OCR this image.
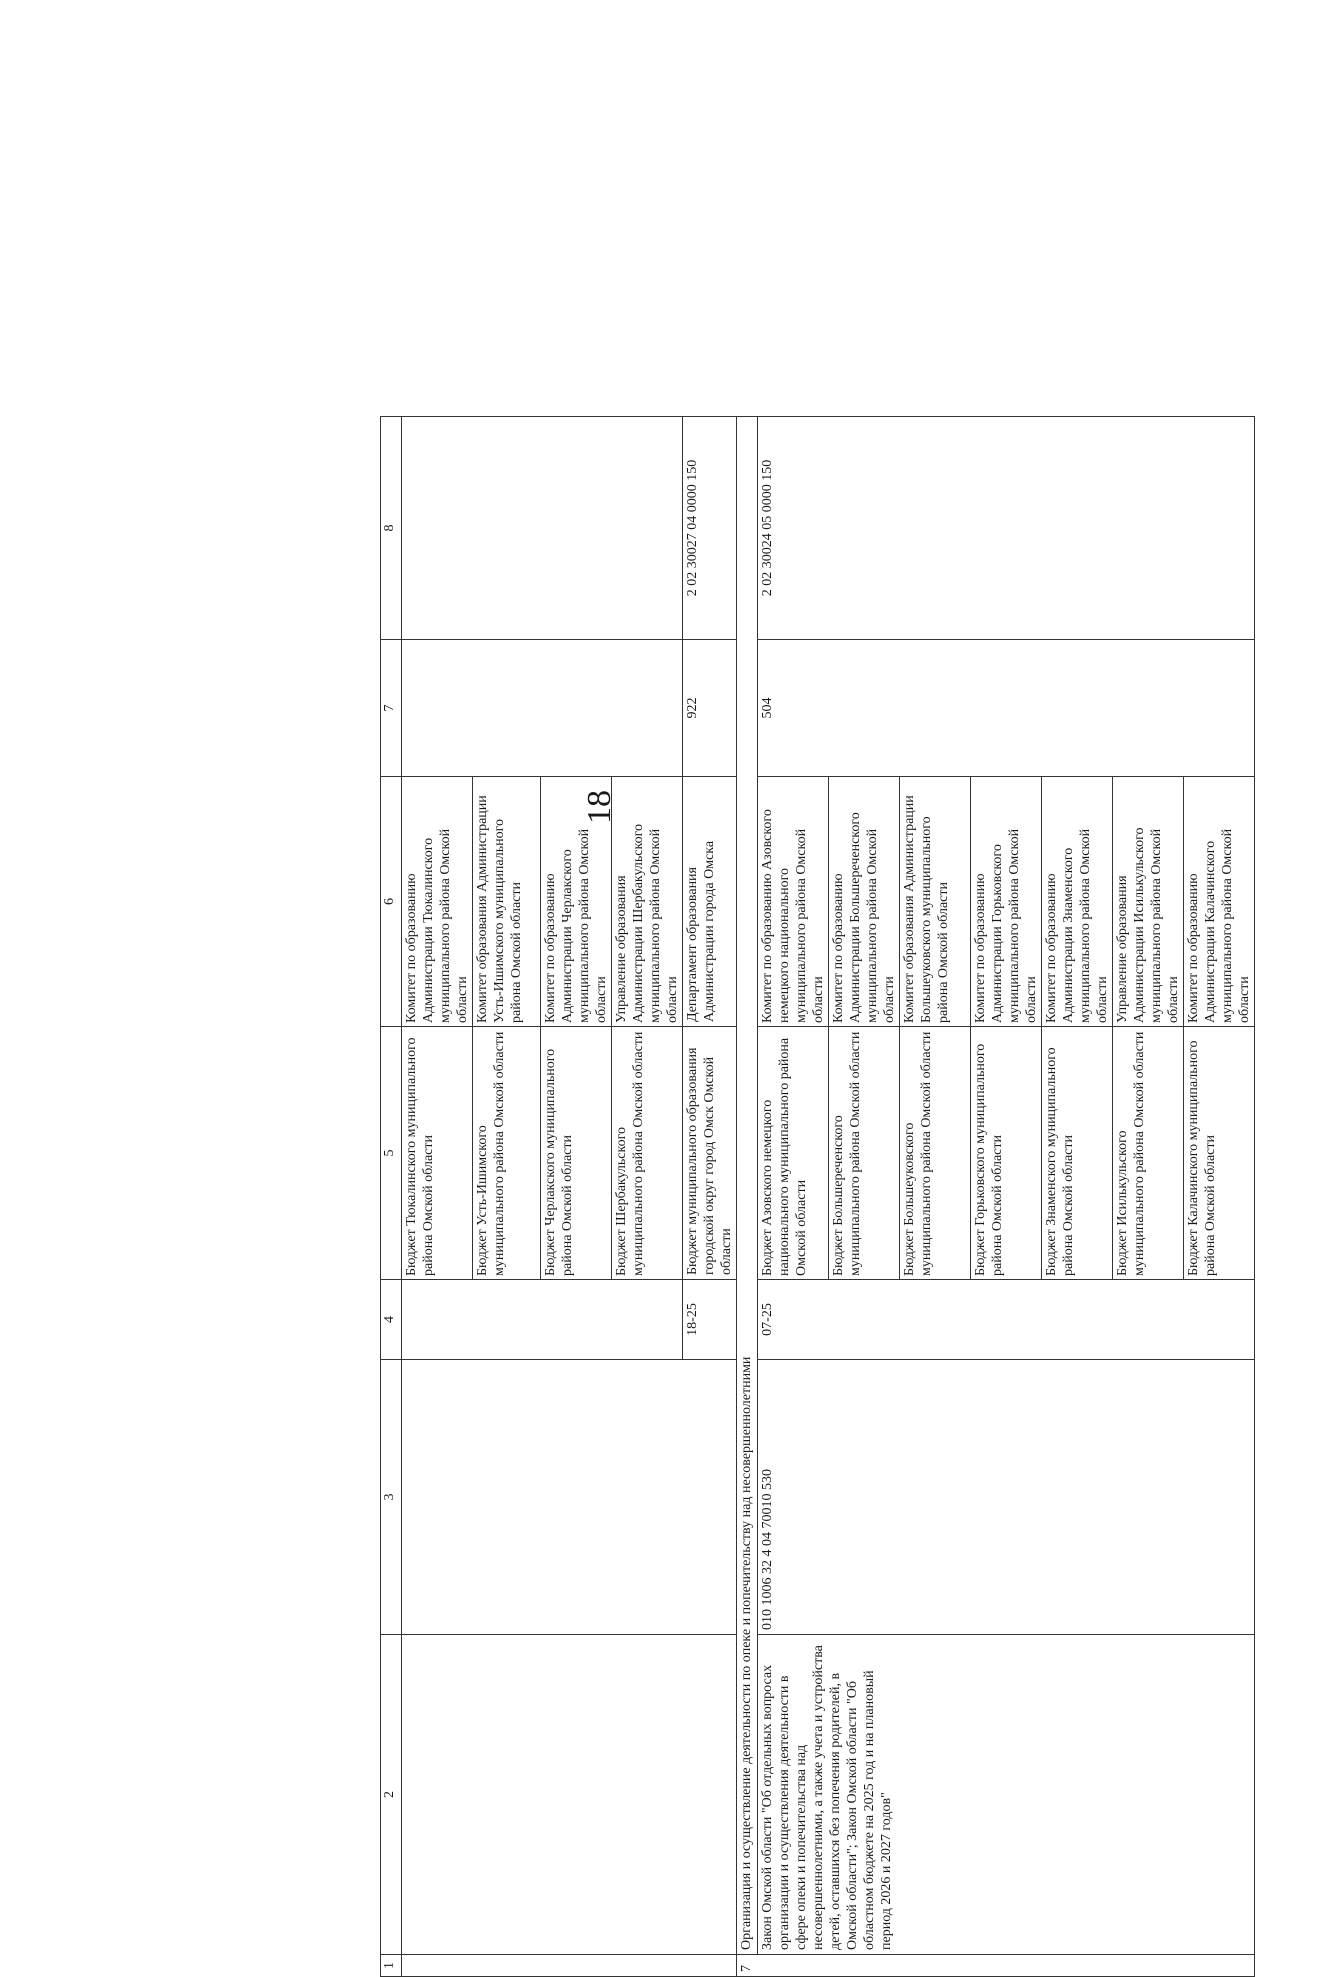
18
1	2	3	4	5	6	7	8

Бюджет Тюкалинского муниципального района Омской области	Комитет по образованию Администрации Тюкалинского муниципального района Омской области
Бюджет Усть-Ишимского муниципального района Омской области	Комитет образования Администрации Усть-Ишимского муниципального района Омской области
Бюджет Черлакского муниципального района Омской области	Комитет по образованию Администрации Черлакского муниципального района Омской области
Бюджет Шербакульского муниципального района Омской области	Управление образования Администрации Шербакульского муниципального района Омской области

18-25	Бюджет муниципального образования городской округ город Омск Омской области	Департамент образования Администрации города Омска	922	2 02 30027 04 0000 150
7	Организация и осуществление деятельности по опеке и попечительству над несовершеннолетними
Закон Омской области "Об отдельных вопросах организации и осуществления деятельности в сфере опеки и попечительства над несовершеннолетними, а также учета и устройства детей, оставшихся без попечения родителей, в Омской области"; Закон Омской области "Об областном бюджете на 2025 год и на плановый период 2026 и 2027 годов"	010 1006 32 4 04 70010 530	07-25	
Бюджет Азовского немецкого национального муниципального района Омской области	Комитет по образованию Азовского немецкого национального муниципального района Омской области
Бюджет Большереченского муниципального района Омской области	Комитет по образованию Администрации Большереченского муниципального района Омской области
Бюджет Большеуковского муниципального района Омской области	Комитет образования Администрации Большеуковского муниципального района Омской области
Бюджет Горьковского муниципального района Омской области	Комитет по образованию Администрации Горьковского муниципального района Омской области
Бюджет Знаменского муниципального района Омской области	Комитет по образованию Администрации Знаменского муниципального района Омской области
Бюджет Исилькульского муниципального района Омской области	Управление образования Администрации Исилькульского муниципального района Омской области
Бюджет Калачинского муниципального района Омской области	Комитет по образованию Администрации Калачинского муниципального района Омской области
	504	2 02 30024 05 0000 150
